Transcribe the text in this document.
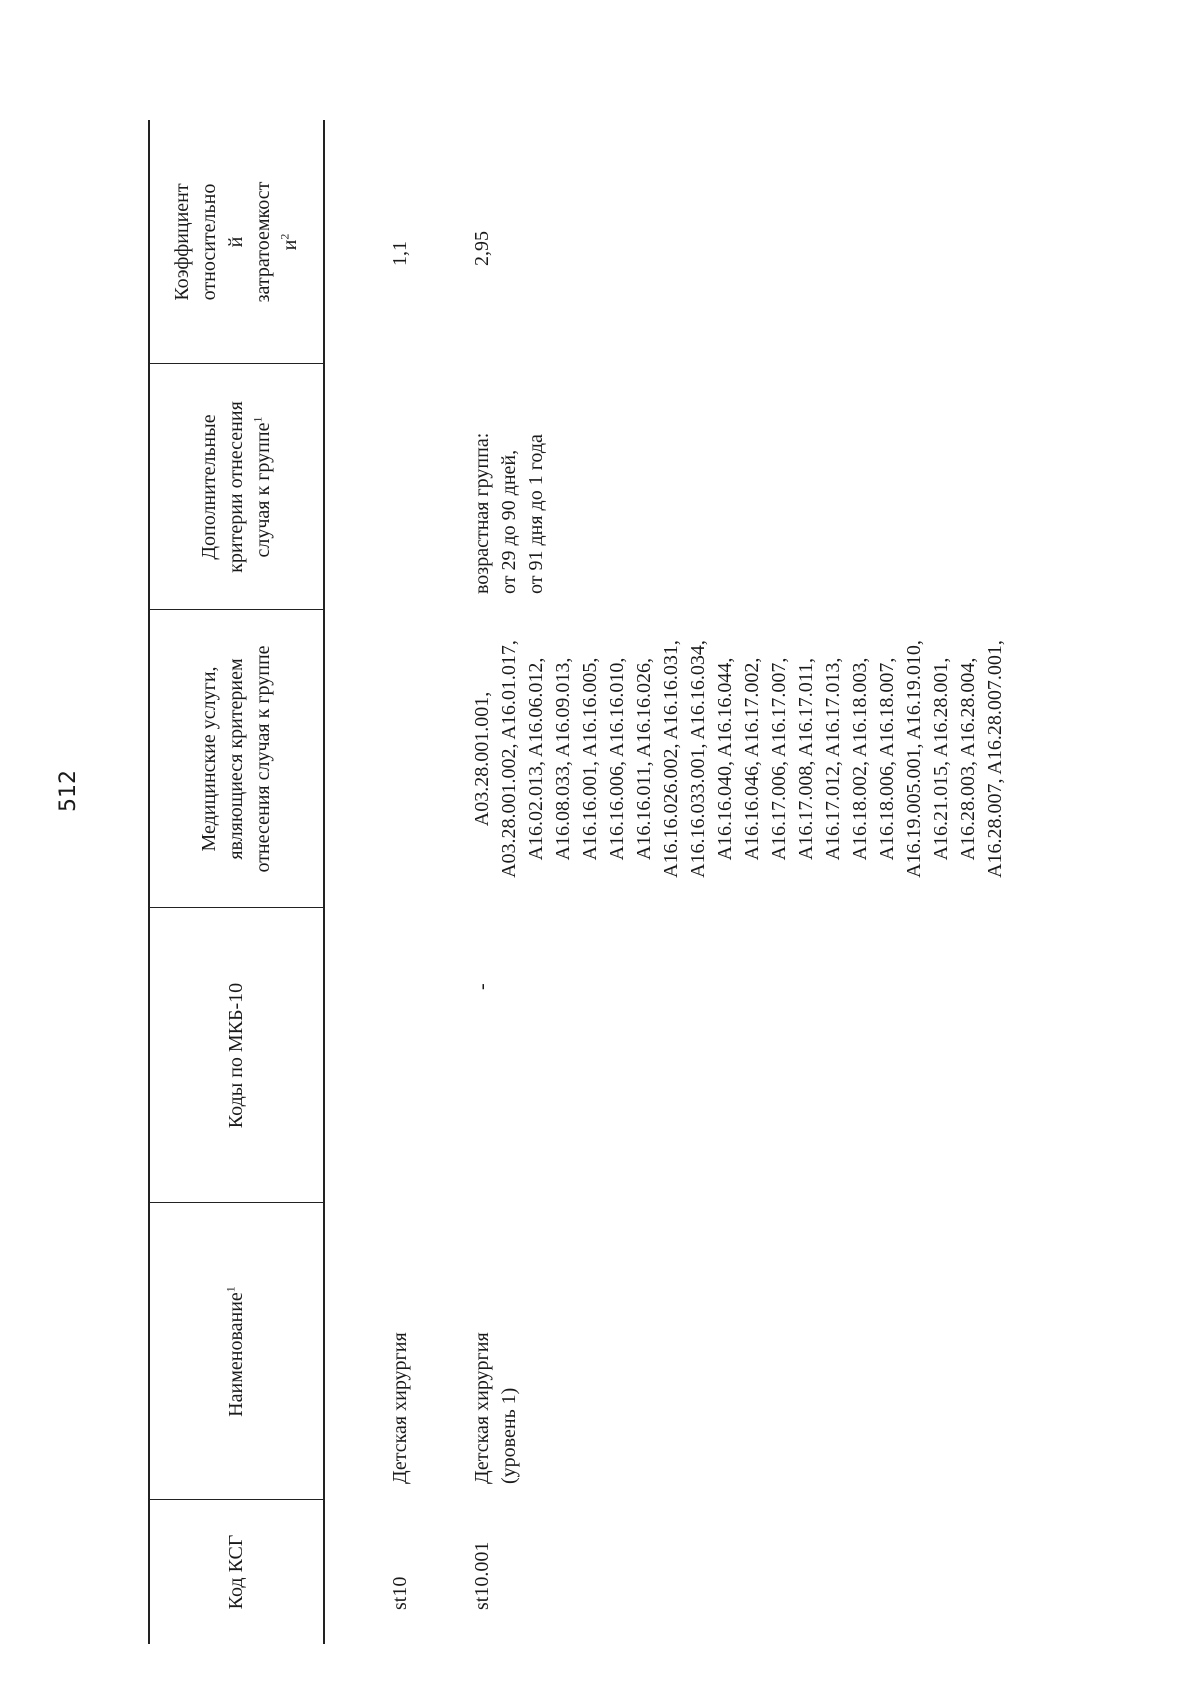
512
Код КСГ
Наименование$^1$
Коды по МКБ-10
Медицинские услуги, являющиеся критерием отнесения случая к группе
Дополнительные критерии отнесения случая к группе$^1$
Коэффициент относительно й затратоемкост $и^2$
st10
Детская хирургия
1,1
st10.001
Детская хирургия (уровень 1)
-
A03.28.001.001, A03.28.001.002, A16.01.017, A16.02.013, A16.06.012, A16.08.033, A16.09.013, A16.16.001, A16.16.005, A16.16.006, A16.16.010, A16.16.011, A16.16.026, A16.16.026.002, A16.16.031, A16.16.033.001, A16.16.034, A16.16.040, A16.16.044, A16.16.046, A16.17.002, A16.17.006, A16.17.007, A16.17.008, A16.17.011, A16.17.012, A16.17.013, A16.18.002, A16.18.003, A16.18.006, A16.18.007, A16.19.005.001, A16.19.010, A16.21.015, A16.28.001, A16.28.003, A16.28.004, A16.28.007, A16.28.007.001,
возрастная группа: от 29 до 90 дней, от 91 дня до 1 года
2,95
